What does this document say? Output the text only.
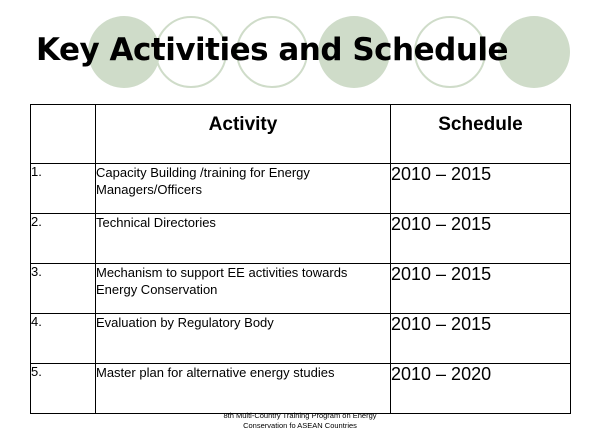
Key Activities and Schedule
	Activity	Schedule
1.	Capacity Building /training for Energy Managers/Officers	2010 – 2015
2.	Technical Directories	2010 – 2015
3.	Mechanism to support EE activities towards Energy Conservation	2010 – 2015
4.	Evaluation by Regulatory Body	2010 – 2015
5.	Master plan for alternative energy studies	2010 – 2020
8th Multi-Country Training Program on Energy
Conservation fo ASEAN Countries
